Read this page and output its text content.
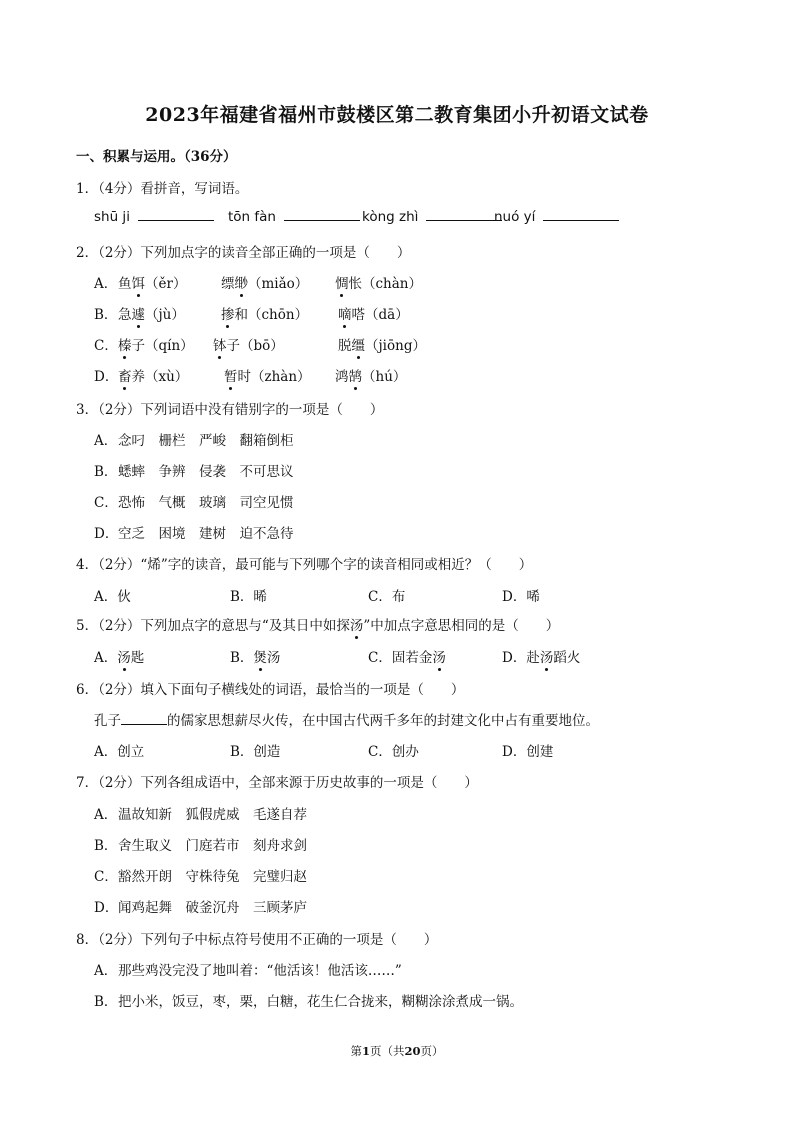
2023年福建省福州市鼓楼区第二教育集团小升初语文试卷
一、积累与运用。（36分）
1．（4分）看拼音，写词语。
shū ji	tōn fàn	kòng zhì	nuó yí
2．（2分）下列加点字的读音全部正确的一项是（　　）
A． 鱼饵（ěr）	缥缈（miǎo） 惆怅（chàn）
B． 急遽（jù）	掺和（chōn） 嘀嗒（dā）
C． 榛子（qín） 钵子（bō）	脱缰（jiōng）
D． 畜养（xù）	暂时（zhàn） 鸿鹄（hú）
3．（2分）下列词语中没有错别字的一项是（　　）
A． 念叼　栅栏　严峻　翻箱倒柜
B． 蟋蟀　争辨　侵袭　不可思议
C． 恐怖　气概　玻璃　司空见惯
D． 空乏　困境　建树　迫不急待
4．（2分）“烯”字的读音，最可能与下列哪个字的读音相同或相近？（　　）
A．伙	B．晞	C．布	D．唏
5．（2分）下列加点字的意思与“及其日中如探汤”中加点字意思相同的是（　　）
A．汤匙	B．煲汤	C．固若金汤	D．赴汤蹈火
6．（2分）填入下面句子横线处的词语，最恰当的一项是（　　）
孔子	的儒家思想薪尽火传，在中国古代两千多年的封建文化中占有重要地位。
A．创立	B．创造	C．创办	D．创建
7．（2分）下列各组成语中，全部来源于历史故事的一项是（　　）
A． 温故知新　狐假虎威　毛遂自荐
B． 舍生取义　门庭若市　刻舟求剑
C． 豁然开朗　守株待兔　完璧归赵
D． 闻鸡起舞　破釜沉舟　三顾茅庐
8．（2分）下列句子中标点符号使用不正确的一项是（　　）
A． 那些鸡没完没了地叫着：“他活该！他活该……”
B． 把小米，饭豆，枣，栗，白糖，花生仁合拢来，糊糊涂涂煮成一锅。
第1页（共20页）
